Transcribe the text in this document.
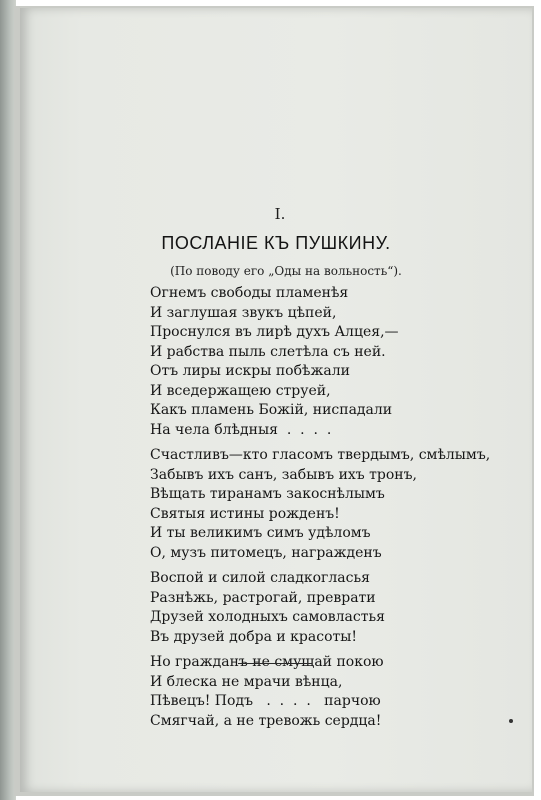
I.
ПОСЛАНІЕ КЪ ПУШКИНУ.
(По поводу его „Оды на вольность“).
Огнемъ свободы пламенѣя
И заглушая звукъ цѣпей,
Проснулся въ лирѣ духъ Алцея,—
И рабства пыль слетѣла съ ней.
Отъ лиры искры побѣжали
И вседержащею струей,
Какъ пламень Божій, ниспадали
На чела блѣдныя  .  .  .  .
Счастливъ—кто гласомъ твердымъ, смѣлымъ,
Забывъ ихъ санъ, забывъ ихъ тронъ,
Вѣщать тиранамъ закоснѣлымъ
Святыя истины рожденъ!
И ты великимъ симъ удѣломъ
О, музъ питомецъ, награжденъ
Воспой и силой сладкогласья
Разнѣжь, растрогай, преврати
Друзей холодныхъ самовластья
Въ друзей добра и красоты!
Но гражданъ не смущай покою
И блеска не мрачи вѣнца,
Пѣвецъ! Подъ   .  .  .  .   парчою
Смягчай, а не тревожь сердца!
